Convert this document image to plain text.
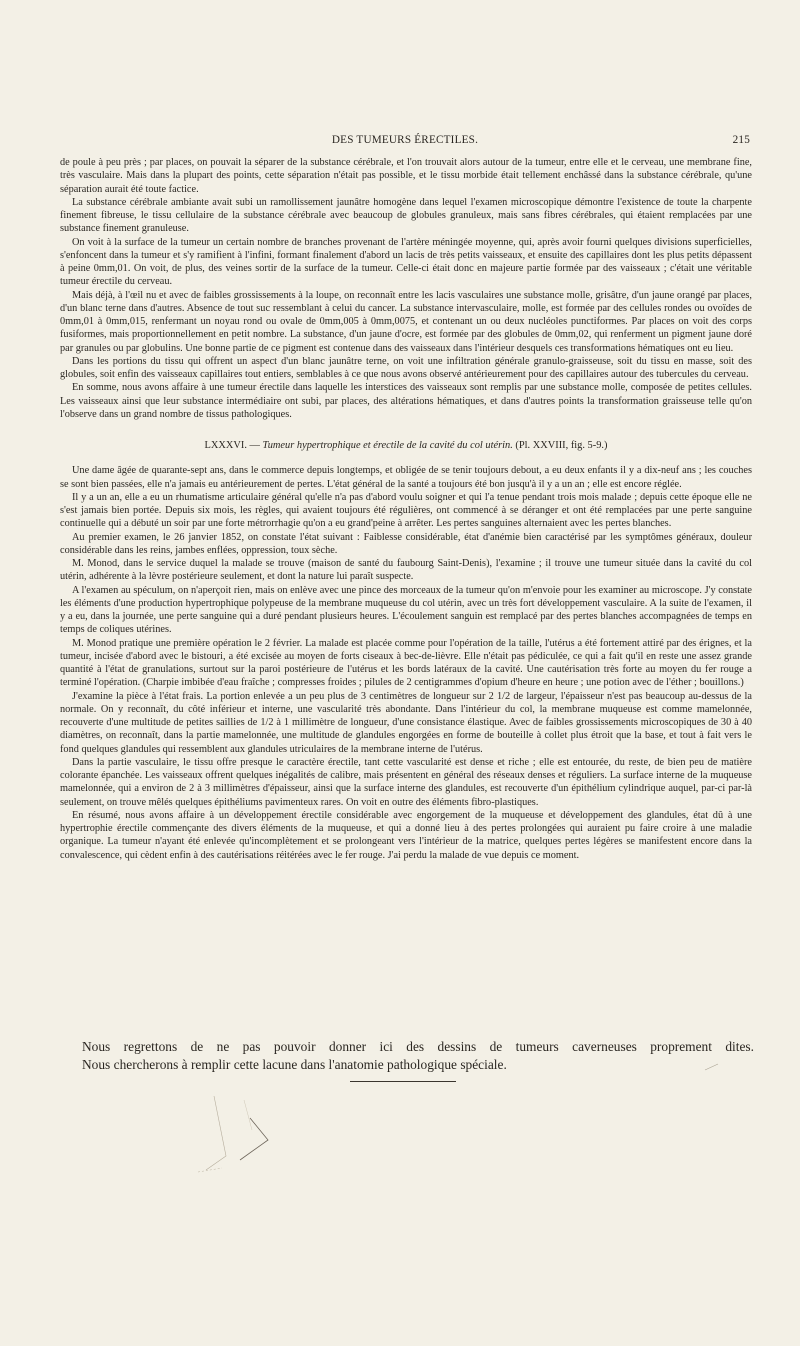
DES TUMEURS ÉRECTILES.	215

de poule à peu près ; par places, on pouvait la séparer de la substance cérébrale, et l'on trouvait alors autour de la tumeur, entre elle et le cerveau, une membrane fine, très vasculaire. Mais dans la plupart des points, cette séparation n'était pas possible, et le tissu morbide était tellement enchâssé dans la substance cérébrale, qu'une séparation aurait été toute factice.

La substance cérébrale ambiante avait subi un ramollissement jaunâtre homogène dans lequel l'examen microscopique démontre l'existence de toute la charpente finement fibreuse, le tissu cellulaire de la substance cérébrale avec beaucoup de globules granuleux, mais sans fibres cérébrales, qui étaient remplacées par une substance finement granuleuse.

On voit à la surface de la tumeur un certain nombre de branches provenant de l'artère méningée moyenne, qui, après avoir fourni quelques divisions superficielles, s'enfoncent dans la tumeur et s'y ramifient à l'infini, formant finalement d'abord un lacis de très petits vaisseaux, et ensuite des capillaires dont les plus petits dépassent à peine 0mm,01. On voit, de plus, des veines sortir de la surface de la tumeur. Celle-ci était donc en majeure partie formée par des vaisseaux ; c'était une véritable tumeur érectile du cerveau.

Mais déjà, à l'œil nu et avec de faibles grossissements à la loupe, on reconnaît entre les lacis vasculaires une substance molle, grisâtre, d'un jaune orangé par places, d'un blanc terne dans d'autres. Absence de tout suc ressemblant à celui du cancer. La substance intervasculaire, molle, est formée par des cellules rondes ou ovoïdes de 0mm,01 à 0mm,015, renfermant un noyau rond ou ovale de 0mm,005 à 0mm,0075, et contenant un ou deux nucléoles punctiformes. Par places on voit des corps fusiformes, mais proportionnellement en petit nombre. La substance, d'un jaune d'ocre, est formée par des globules de 0mm,02, qui renferment un pigment jaune doré par granules ou par globulins. Une bonne partie de ce pigment est contenue dans des vaisseaux dans l'intérieur desquels ces transformations hématiques ont eu lieu.

Dans les portions du tissu qui offrent un aspect d'un blanc jaunâtre terne, on voit une infiltration générale granulo-graisseuse, soit du tissu en masse, soit des globules, soit enfin des vaisseaux capillaires tout entiers, semblables à ce que nous avons observé antérieurement pour des capillaires autour des tubercules du cerveau.

En somme, nous avons affaire à une tumeur érectile dans laquelle les interstices des vaisseaux sont remplis par une substance molle, composée de petites cellules. Les vaisseaux ainsi que leur substance intermédiaire ont subi, par places, des altérations hématiques, et dans d'autres points la transformation graisseuse telle qu'on l'observe dans un grand nombre de tissus pathologiques.

LXXXVI. — Tumeur hypertrophique et érectile de la cavité du col utérin. (Pl. XXVIII, fig. 5-9.)

Une dame âgée de quarante-sept ans, dans le commerce depuis longtemps, et obligée de se tenir toujours debout, a eu deux enfants il y a dix-neuf ans ; les couches se sont bien passées, elle n'a jamais eu antérieurement de pertes. L'état général de la santé a toujours été bon jusqu'à il y a un an ; elle est encore réglée.

Il y a un an, elle a eu un rhumatisme articulaire général qu'elle n'a pas d'abord voulu soigner et qui l'a tenue pendant trois mois malade ; depuis cette époque elle ne s'est jamais bien portée. Depuis six mois, les règles, qui avaient toujours été régulières, ont commencé à se déranger et ont été remplacées par une perte sanguine continuelle qui a débuté un soir par une forte métrorrhagie qu'on a eu grand'peine à arrêter. Les pertes sanguines alternaient avec les pertes blanches.

Au premier examen, le 26 janvier 1852, on constate l'état suivant : Faiblesse considérable, état d'anémie bien caractérisé par les symptômes généraux, douleur considérable dans les reins, jambes enflées, oppression, toux sèche.

M. Monod, dans le service duquel la malade se trouve (maison de santé du faubourg Saint-Denis), l'examine ; il trouve une tumeur située dans la cavité du col utérin, adhérente à la lèvre postérieure seulement, et dont la nature lui paraît suspecte.

A l'examen au spéculum, on n'aperçoit rien, mais on enlève avec une pince des morceaux de la tumeur qu'on m'envoie pour les examiner au microscope. J'y constate les éléments d'une production hypertrophique polypeuse de la membrane muqueuse du col utérin, avec un très fort développement vasculaire. A la suite de l'examen, il y a eu, dans la journée, une perte sanguine qui a duré pendant plusieurs heures. L'écoulement sanguin est remplacé par des pertes blanches accompagnées de temps en temps de coliques utérines.

M. Monod pratique une première opération le 2 février. La malade est placée comme pour l'opération de la taille, l'utérus a été fortement attiré par des érignes, et la tumeur, incisée d'abord avec le bistouri, a été excisée au moyen de forts ciseaux à bec-de-lièvre. Elle n'était pas pédiculée, ce qui a fait qu'il en reste une assez grande quantité à l'état de granulations, surtout sur la paroi postérieure de l'utérus et les bords latéraux de la cavité. Une cautérisation très forte au moyen du fer rouge a terminé l'opération. (Charpie imbibée d'eau fraîche ; compresses froides ; pilules de 2 centigrammes d'opium d'heure en heure ; une potion avec de l'éther ; bouillons.)

J'examine la pièce à l'état frais. La portion enlevée a un peu plus de 3 centimètres de longueur sur 2 1/2 de largeur, l'épaisseur n'est pas beaucoup au-dessus de la normale. On y reconnaît, du côté inférieur et interne, une vascularité très abondante. Dans l'intérieur du col, la membrane muqueuse est comme mamelonnée, recouverte d'une multitude de petites saillies de 1/2 à 1 millimètre de longueur, d'une consistance élastique. Avec de faibles grossissements microscopiques de 30 à 40 diamètres, on reconnaît, dans la partie mamelonnée, une multitude de glandules engorgées en forme de bouteille à collet plus étroit que la base, et tout à fait vers le fond quelques glandules qui ressemblent aux glandules utriculaires de la membrane interne de l'utérus.

Dans la partie vasculaire, le tissu offre presque le caractère érectile, tant cette vascularité est dense et riche ; elle est entourée, du reste, de bien peu de matière colorante épanchée. Les vaisseaux offrent quelques inégalités de calibre, mais présentent en général des réseaux denses et réguliers. La surface interne de la muqueuse mamelonnée, qui a environ de 2 à 3 millimètres d'épaisseur, ainsi que la surface interne des glandules, est recouverte d'un épithélium cylindrique auquel, par-ci par-là seulement, on trouve mêlés quelques épithéliums pavimenteux rares. On voit en outre des éléments fibro-plastiques.

En résumé, nous avons affaire à un développement érectile considérable avec engorgement de la muqueuse et développement des glandules, état dû à une hypertrophie érectile commençante des divers éléments de la muqueuse, et qui a donné lieu à des pertes prolongées qui auraient pu faire croire à une maladie organique. La tumeur n'ayant été enlevée qu'incomplètement et se prolongeant vers l'intérieur de la matrice, quelques pertes légères se manifestent encore dans la convalescence, qui cèdent enfin à des cautérisations réitérées avec le fer rouge. J'ai perdu la malade de vue depuis ce moment.

Nous regrettons de ne pas pouvoir donner ici des dessins de tumeurs caverneuses proprement dites.

Nous chercherons à remplir cette lacune dans l'anatomie pathologique spéciale.
